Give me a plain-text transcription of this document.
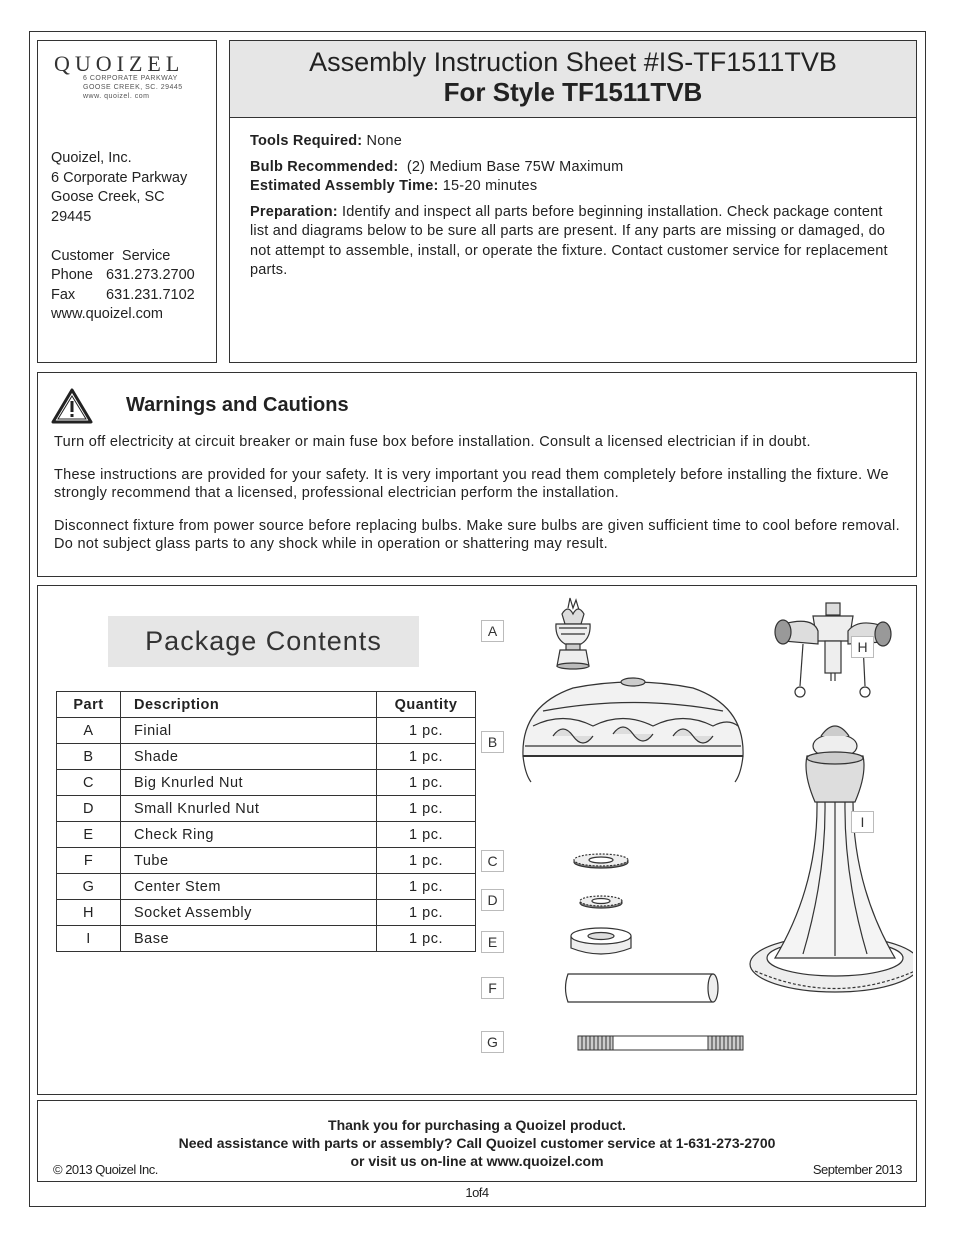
QUOIZEL
6 CORPORATE PARKWAY
GOOSE CREEK, SC. 29445
www. quoizel. com
Quoizel, Inc.
6 Corporate Parkway
Goose Creek, SC
29445
Customer  Service
Phone 631.273.2700
Fax 631.231.7102
www.quoizel.com
Assembly Instruction Sheet #IS-TF1511TVB
For Style TF1511TVB

Tools Required: None

Bulb Recommended: (2) Medium Base 75W Maximum

Estimated Assembly Time: 15-20 minutes

Preparation: Identify and inspect all parts before beginning installation. Check package content list and diagrams below to be sure all parts are present. If any parts are missing or damaged, do not attempt to assemble, install, or operate the fixture. Contact customer service for replacement parts.

Warnings and Cautions

Turn off electricity at circuit breaker or main fuse box before installation. Consult a licensed electrician if in doubt.

These instructions are provided for your safety. It is very important you read them completely before installing the fixture. We strongly recommend that a licensed, professional electrician perform the installation.

Disconnect fixture from power source before replacing bulbs. Make sure bulbs are given sufficient time to cool before removal. Do not subject glass parts to any shock while in operation or shattering may result.

Package Contents
Part	Description	Quantity
A	Finial	1 pc.
B	Shade	1 pc.
C	Big Knurled Nut	1 pc.
D	Small Knurled Nut	1 pc.
E	Check Ring	1 pc.
F	Tube	1 pc.
G	Center Stem	1 pc.
H	Socket Assembly	1 pc.
I	Base	1 pc.
A
H
B
I
C
D
E
F
G
Thank you for purchasing a Quoizel product.
Need assistance with parts or assembly? Call Quoizel customer service at 1-631-273-2700
or visit us on-line at www.quoizel.com
© 2013 Quoizel Inc.	September 2013
1of4
